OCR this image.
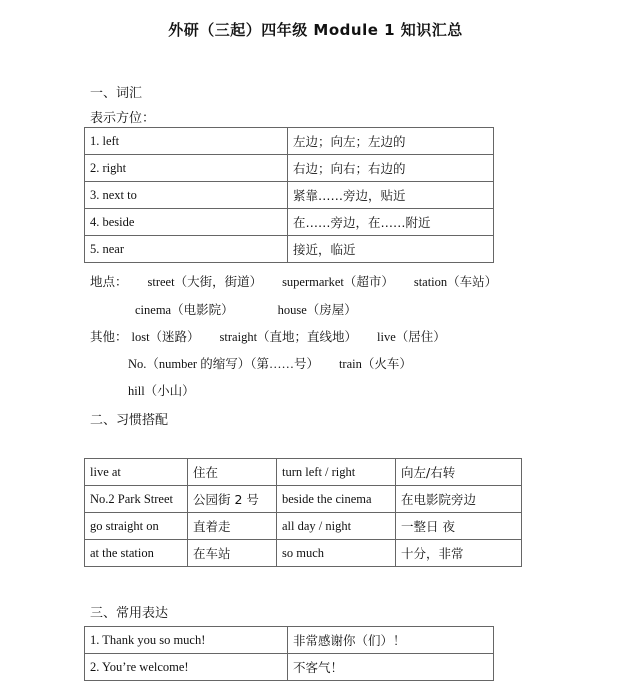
外研（三起）四年级 Module 1 知识汇总
一、词汇
表示方位：
1. left	左边；向左；左边的
2. right	右边；向右；右边的
3. next to	紧靠……旁边，贴近
4. beside	在……旁边，在……附近
5. near	接近，临近
地点： street（大街，街道） supermarket（超市） station（车站）
cinema（电影院）	house（房屋）
其他： lost（迷路） straight（直地；直线地） live（居住）
No.（number 的缩写）（第……号） train（火车）
hill（小山）
二、习惯搭配
live at	住在	turn left / right	向左/右转
No.2 Park Street	公园街 2 号	beside the cinema	在电影院旁边
go straight on	直着走	all day / night	一整日 夜
at the station	在车站	so much	十分，非常
三、常用表达
1. Thank you so much!	非常感谢你（们）！
2. You’re welcome!	不客气！
